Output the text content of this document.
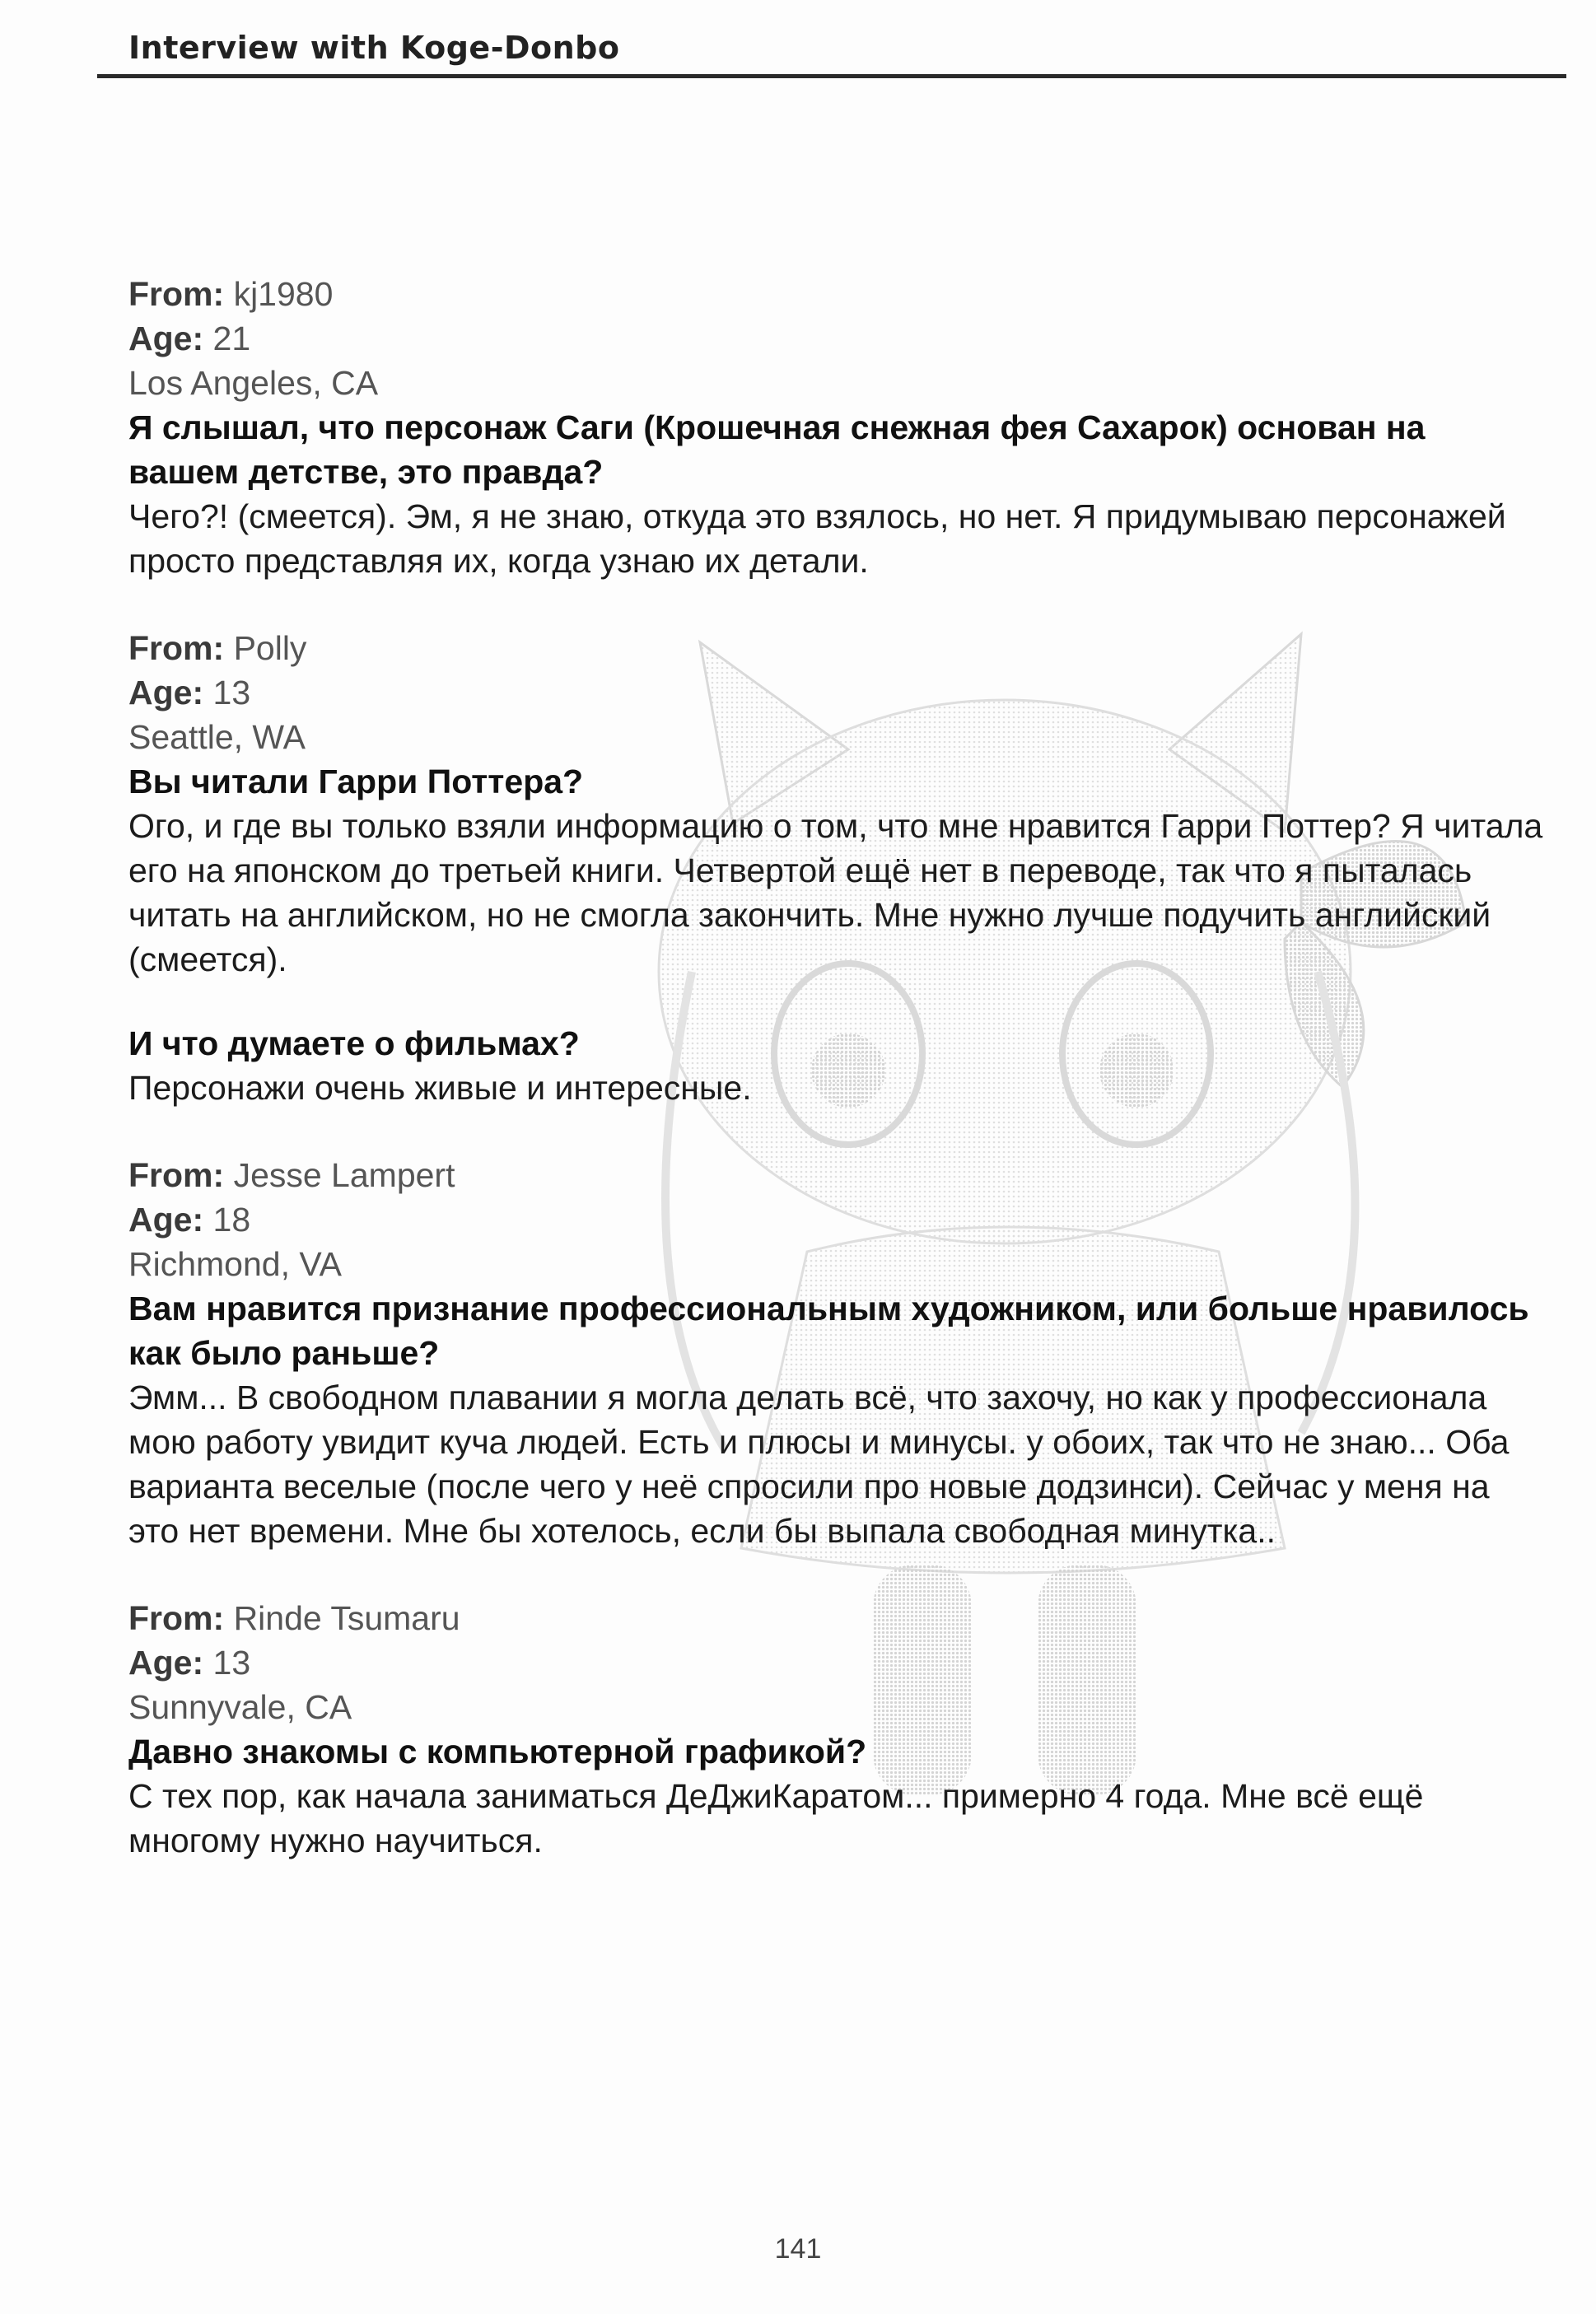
Interview with Koge-Donbo

From: kj1980

Age: 21

Los Angeles, CA

Я слышал, что персонаж Саги (Крошечная снежная фея Сахарок) основан на вашем детстве, это правда?

Чего?! (смеется). Эм, я не знаю, откуда это взялось, но нет. Я придумываю персонажей просто представляя их, когда узнаю их детали.

From: Polly

Age: 13

Seattle, WA

Вы читали Гарри Поттера?

Ого, и где вы только взяли информацию о том, что мне нравится Гарри Поттер? Я читала его на японском до третьей книги. Четвертой ещё нет в переводе, так что я пыталась читать на английском, но не смогла закончить. Мне нужно лучше подучить английский (смеется).

И что думаете о фильмах?

Персонажи очень живые и интересные.

From: Jesse Lampert

Age: 18

Richmond, VA

Вам нравится признание профессиональным художником, или больше нравилось как было раньше?

Эмм... В свободном плавании я могла делать всё, что захочу, но как у профессионала мою работу увидит куча людей. Есть и плюсы и минусы. у обоих, так что не знаю... Оба варианта веселые (после чего у неё спросили про новые додзинси). Сейчас у меня на это нет времени. Мне бы хотелось, если бы выпала свободная минутка..

From: Rinde Tsumaru

Age: 13

Sunnyvale, CA

Давно знакомы с компьютерной графикой?

С тех пор, как начала заниматься ДеДжиКаратом... примерно 4 года. Мне всё ещё многому нужно научиться.

141
